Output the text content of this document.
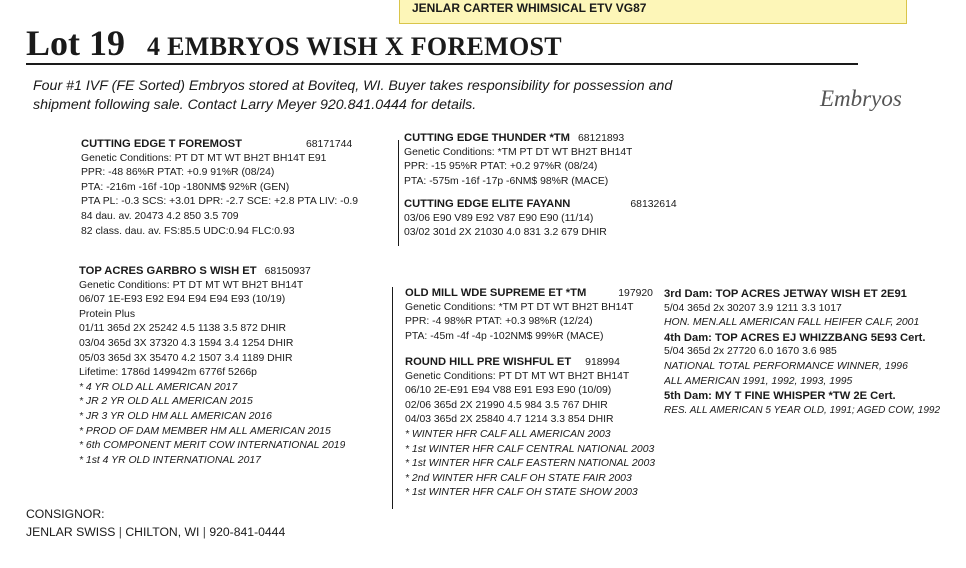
JENLAR CARTER WHIMSICAL ETV VG87
Lot 19 4 EMBRYOS WISH X FOREMOST
Four #1 IVF (FE Sorted) Embryos stored at Boviteq, WI. Buyer takes responsibility for possession and
shipment following sale. Contact Larry Meyer 920.841.0444 for details.	Embryos
CUTTING EDGE T FOREMOST	68171744
Genetic Conditions: PT DT MT WT BH2T BH14T E91
PPR: -48 86%R PTAT: +0.9 91%R (08/24)
PTA: -216m -16f -10p -180NM$ 92%R (GEN)
PTA PL: -0.3 SCS: +3.01 DPR: -2.7 SCE: +2.8 PTA LIV: -0.9
84 dau. av. 20473 4.2 850 3.5 709
82 class. dau. av. FS:85.5 UDC:0.94 FLC:0.93
TOP ACRES GARBRO S WISH ET 68150937
Genetic Conditions: PT DT MT WT BH2T BH14T
06/07 1E-E93 E92 E94 E94 E94 E93 (10/19)
Protein Plus
01/11 365d 2X 25242 4.5 1138 3.5 872 DHIR
03/04 365d 3X 37320 4.3 1594 3.4 1254 DHIR
05/03 365d 3X 35470 4.2 1507 3.4 1189 DHIR
Lifetime: 1786d 149942m 6776f 5266p
* 4 YR OLD ALL AMERICAN 2017
* JR 2 YR OLD ALL AMERICAN 2015
* JR 3 YR OLD HM ALL AMERICAN 2016
* PROD OF DAM MEMBER HM ALL AMERICAN 2015
* 6th COMPONENT MERIT COW INTERNATIONAL 2019
* 1st 4 YR OLD INTERNATIONAL 2017
CUTTING EDGE THUNDER *TM 68121893
Genetic Conditions: *TM PT DT WT BH2T BH14T
PPR: -15 95%R PTAT: +0.2 97%R (08/24)
PTA: -575m -16f -17p -6NM$ 98%R (MACE)
CUTTING EDGE ELITE FAYANN	68132614
03/06 E90 V89 E92 V87 E90 E90 (11/14)
03/02 301d 2X 21030 4.0 831 3.2 679 DHIR
OLD MILL WDE SUPREME ET *TM	197920
Genetic Conditions: *TM PT DT WT BH2T BH14T
PPR: -4 98%R PTAT: +0.3 98%R (12/24)
PTA: -45m -4f -4p -102NM$ 99%R (MACE)
ROUND HILL PRE WISHFUL ET 918994
Genetic Conditions: PT DT MT WT BH2T BH14T
06/10 2E-E91 E94 V88 E91 E93 E90 (10/09)
02/06 365d 2X 21990 4.5 984 3.5 767 DHIR
04/03 365d 2X 25840 4.7 1214 3.3 854 DHIR
* WINTER HFR CALF ALL AMERICAN 2003
* 1st WINTER HFR CALF CENTRAL NATIONAL 2003
* 1st WINTER HFR CALF EASTERN NATIONAL 2003
* 2nd WINTER HFR CALF OH STATE FAIR 2003
* 1st WINTER HFR CALF OH STATE SHOW 2003
3rd Dam: TOP ACRES JETWAY WISH ET 2E91
5/04 365d 2x 30207 3.9 1211 3.3 1017
HON. MEN.ALL AMERICAN FALL HEIFER CALF, 2001
4th Dam: TOP ACRES EJ WHIZZBANG 5E93 Cert.
5/04 365d 2x 27720 6.0 1670 3.6 985
NATIONAL TOTAL PERFORMANCE WINNER, 1996
ALL AMERICAN 1991, 1992, 1993, 1995
5th Dam: MY T FINE WHISPER *TW 2E Cert.
RES. ALL AMERICAN 5 YEAR OLD, 1991; AGED COW, 1992
CONSIGNOR:
JENLAR SWISS | CHILTON, WI | 920-841-0444
